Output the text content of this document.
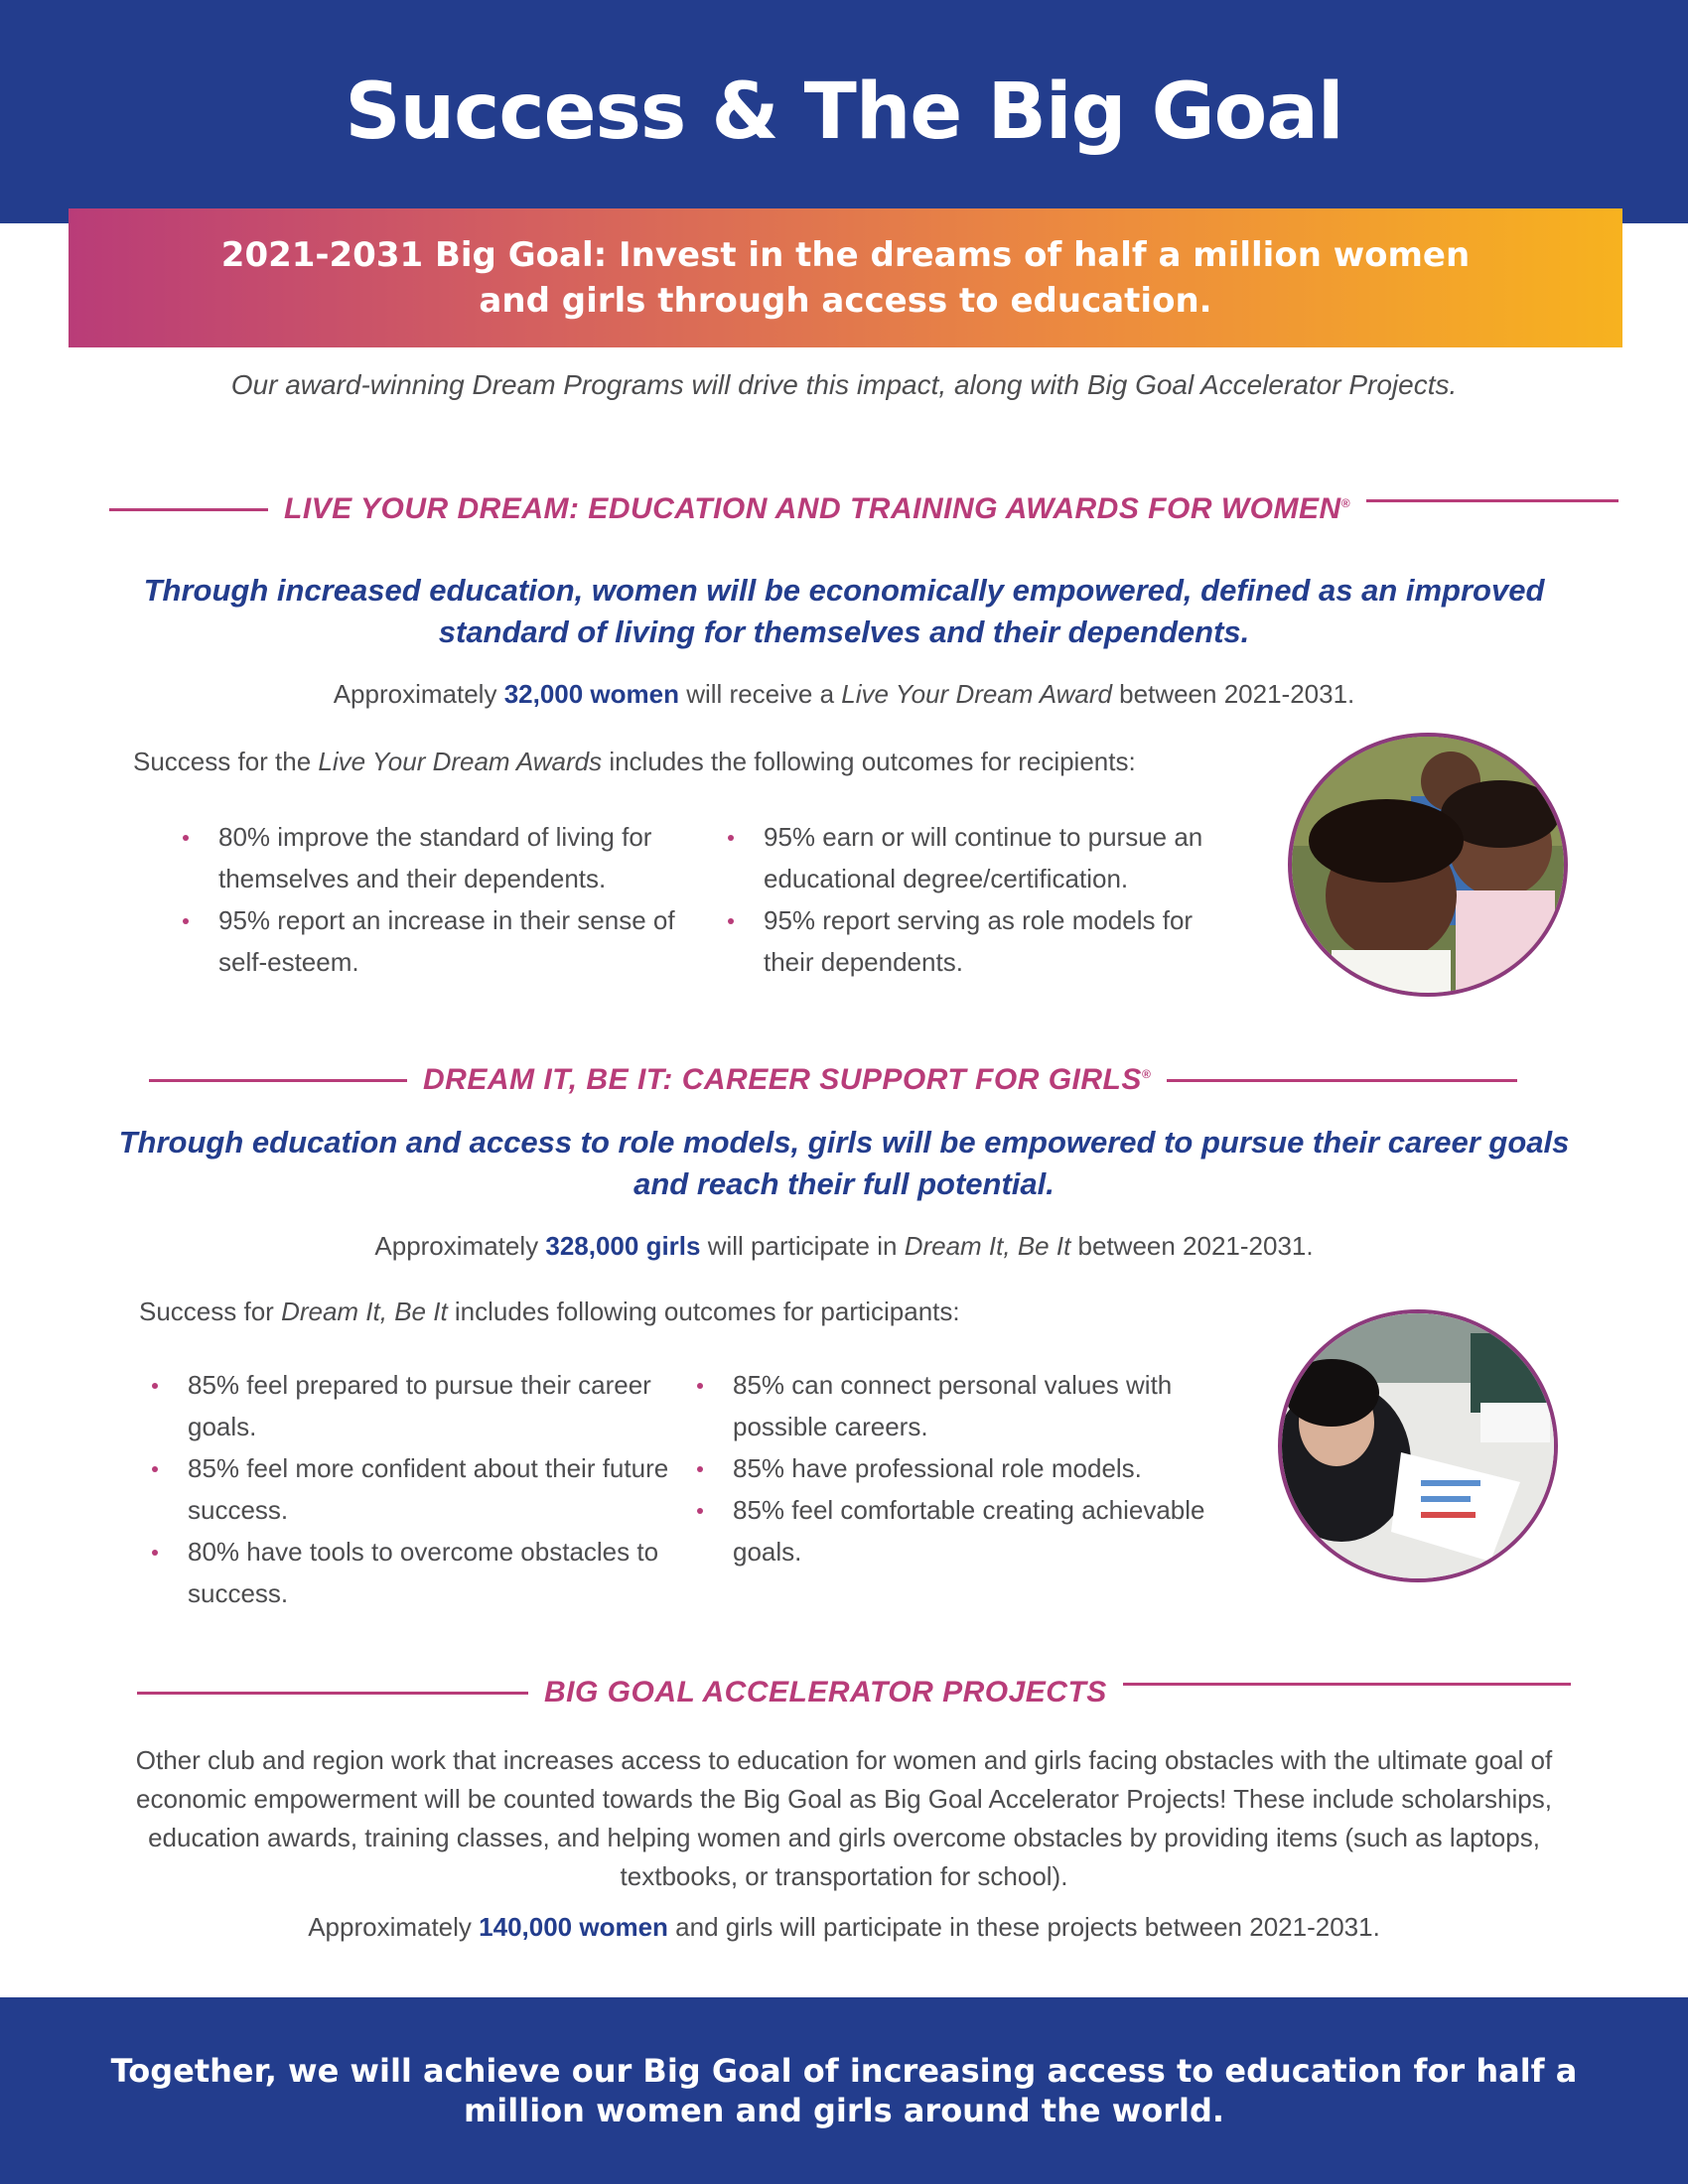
Success & The Big Goal
2021-2031 Big Goal: Invest in the dreams of half a million women and girls through access to education.
Our award-winning Dream Programs will drive this impact, along with Big Goal Accelerator Projects.
LIVE YOUR DREAM: EDUCATION AND TRAINING AWARDS FOR WOMEN®
Through increased education, women will be economically empowered, defined as an improved standard of living for themselves and their dependents.
Approximately 32,000 women will receive a Live Your Dream Award between 2021-2031.
Success for the Live Your Dream Awards includes the following outcomes for recipients:
80% improve the standard of living for themselves and their dependents.
95% report an increase in their sense of self-esteem.
95% earn or will continue to pursue an educational degree/certification.
95% report serving as role models for their dependents.
DREAM IT, BE IT: CAREER SUPPORT FOR GIRLS®
Through education and access to role models, girls will be empowered to pursue their career goals and reach their full potential.
Approximately 328,000 girls will participate in Dream It, Be It between 2021-2031.
Success for Dream It, Be It includes following outcomes for participants:
85% feel prepared to pursue their career goals.
85% feel more confident about their future success.
80% have tools to overcome obstacles to success.
85% can connect personal values with possible careers.
85% have professional role models.
85% feel comfortable creating achievable goals.
BIG GOAL ACCELERATOR PROJECTS
Other club and region work that increases access to education for women and girls facing obstacles with the ultimate goal of economic empowerment will be counted towards the Big Goal as Big Goal Accelerator Projects! These include scholarships, education awards, training classes, and helping women and girls overcome obstacles by providing items (such as laptops, textbooks, or transportation for school).
Approximately 140,000 women and girls will participate in these projects between 2021-2031.
Together, we will achieve our Big Goal of increasing access to education for half a million women and girls around the world.
